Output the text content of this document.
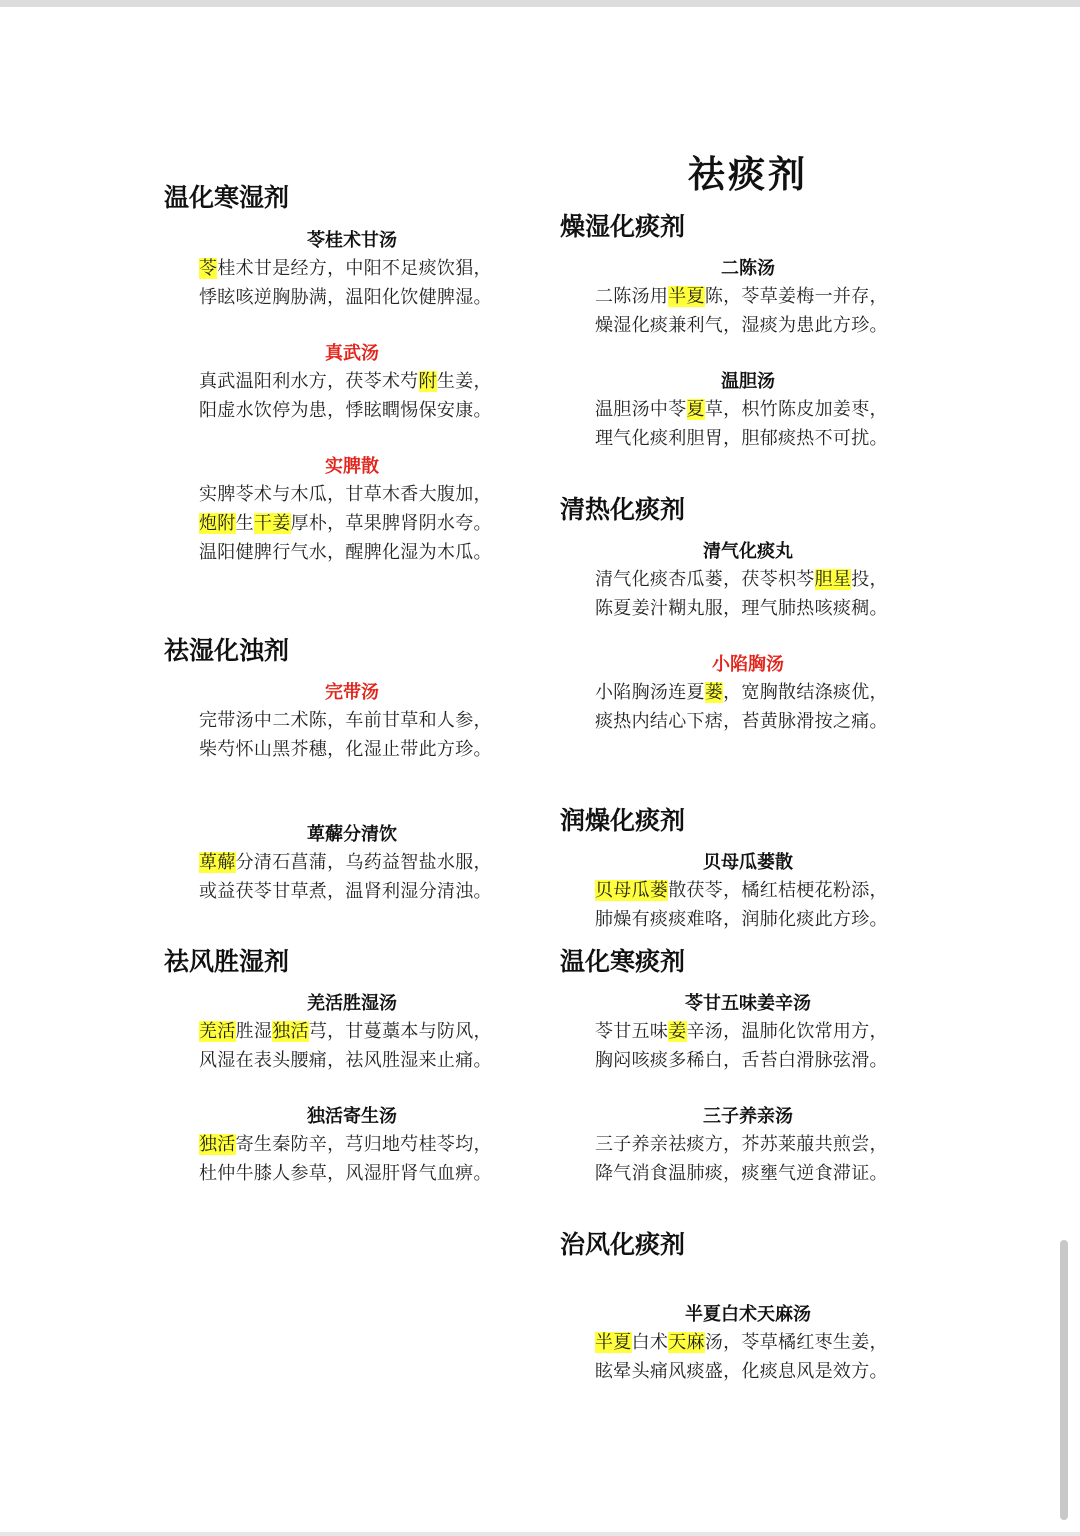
祛痰剂
温化寒湿剂
苓桂术甘汤
苓桂术甘是经方，中阳不足痰饮猖，
悸眩咳逆胸胁满，温阳化饮健脾湿。
真武汤
真武温阳利水方，茯苓术芍附生姜，
阳虚水饮停为患，悸眩瞤惕保安康。
实脾散
实脾苓术与木瓜，甘草木香大腹加，
炮附生干姜厚朴，草果脾肾阴水夸。
温阳健脾行气水，醒脾化湿为木瓜。
祛湿化浊剂
完带汤
完带汤中二术陈，车前甘草和人参，
柴芍怀山黑芥穗，化湿止带此方珍。
萆薢分清饮
萆薢分清石菖蒲，乌药益智盐水服，
或益茯苓甘草煮，温肾利湿分清浊。
祛风胜湿剂
羌活胜湿汤
羌活胜湿独活芎，甘蔓藁本与防风，
风湿在表头腰痛，祛风胜湿来止痛。
独活寄生汤
独活寄生秦防辛，芎归地芍桂苓均，
杜仲牛膝人参草，风湿肝肾气血痹。
燥湿化痰剂
二陈汤
二陈汤用半夏陈，苓草姜梅一并存，
燥湿化痰兼利气，湿痰为患此方珍。
温胆汤
温胆汤中苓夏草，枳竹陈皮加姜枣，
理气化痰利胆胃，胆郁痰热不可扰。
清热化痰剂
清气化痰丸
清气化痰杏瓜蒌，茯苓枳芩胆星投，
陈夏姜汁糊丸服，理气肺热咳痰稠。
小陷胸汤
小陷胸汤连夏蒌，宽胸散结涤痰优，
痰热内结心下痞，苔黄脉滑按之痛。
润燥化痰剂
贝母瓜蒌散
贝母瓜蒌散茯苓，橘红桔梗花粉添，
肺燥有痰痰难咯，润肺化痰此方珍。
温化寒痰剂
苓甘五味姜辛汤
苓甘五味姜辛汤，温肺化饮常用方，
胸闷咳痰多稀白，舌苔白滑脉弦滑。
三子养亲汤
三子养亲祛痰方，芥苏莱菔共煎尝，
降气消食温肺痰，痰壅气逆食滞证。
治风化痰剂
半夏白术天麻汤
半夏白术天麻汤，苓草橘红枣生姜，
眩晕头痛风痰盛，化痰息风是效方。
